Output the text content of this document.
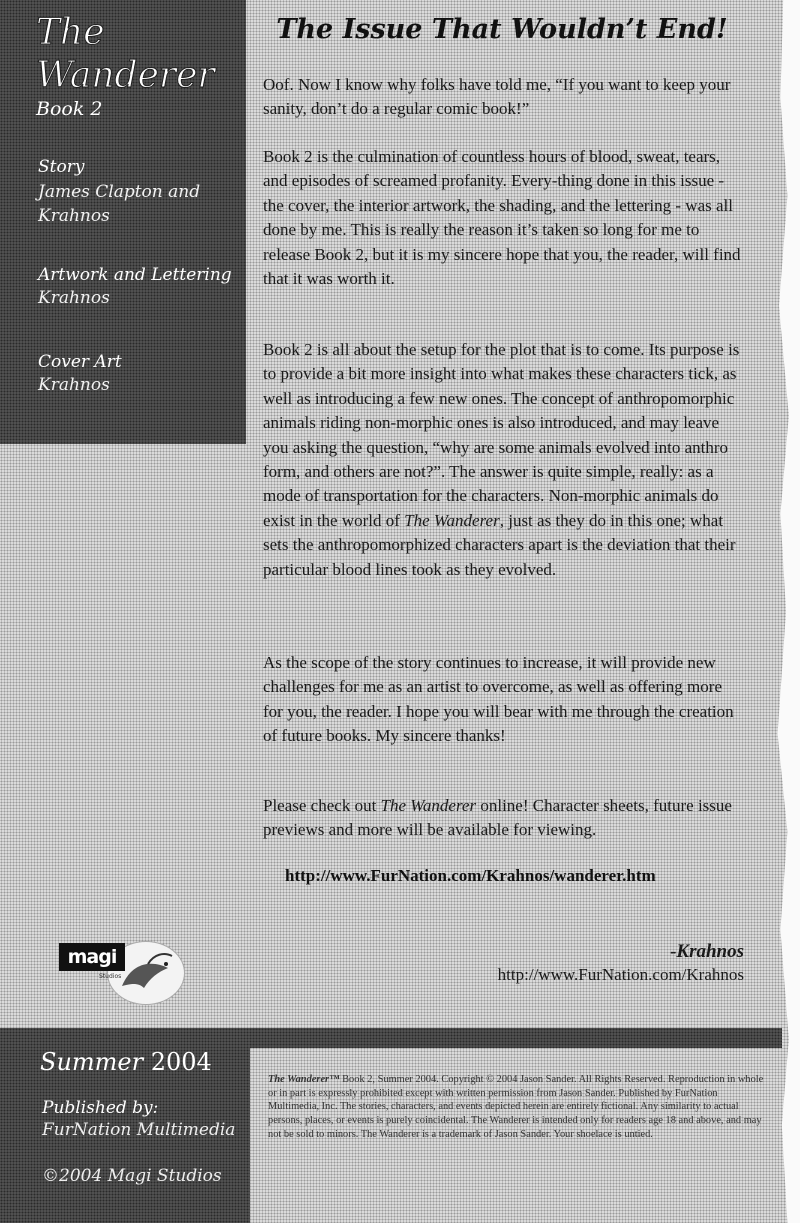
The
Wanderer
Book 2
Story
James Clapton and Krahnos
Artwork and Lettering
Krahnos
Cover Art
Krahnos
The Issue That Wouldn’t End!

Oof. Now I know why folks have told me, “If you want to keep your sanity, don’t do a regular comic book!”

Book 2 is the culmination of countless hours of blood, sweat, tears, and episodes of screamed profanity. Every-thing done in this issue - the cover, the interior artwork, the shading, and the lettering - was all done by me. This is really the reason it’s taken so long for me to release Book 2, but it is my sincere hope that you, the reader, will find that it was worth it.

Book 2 is all about the setup for the plot that is to come. Its purpose is to provide a bit more insight into what makes these characters tick, as well as introducing a few new ones. The concept of anthropomorphic animals riding non-morphic ones is also introduced, and may leave you asking the question, “why are some animals evolved into anthro form, and others are not?”. The answer is quite simple, really: as a mode of transportation for the characters. Non-morphic animals do exist in the world of The Wanderer, just as they do in this one; what sets the anthropomorphized characters apart is the deviation that their particular blood lines took as they evolved.

As the scope of the story continues to increase, it will provide new challenges for me as an artist to overcome, as well as offering more for you, the reader. I hope you will bear with me through the creation of future books. My sincere thanks!

Please check out The Wanderer online! Character sheets, future issue previews and more will be available for viewing.

http://www.FurNation.com/Krahnos/wanderer.htm
-Krahnos
http://www.FurNation.com/Krahnos
magi
Studios
Summer 2004
Published by:
FurNation Multimedia
©2004 Magi Studios

The Wanderer™ Book 2, Summer 2004. Copyright © 2004 Jason Sander. All Rights Reserved. Reproduction in whole or in part is expressly prohibited except with written permission from Jason Sander. Published by FurNation Multimedia, Inc. The stories, characters, and events depicted herein are entirely fictional. Any similarity to actual persons, places, or events is purely coincidental. The Wanderer is intended only for readers age 18 and above, and may not be sold to minors. The Wanderer is a trademark of Jason Sander. Your shoelace is untied.
